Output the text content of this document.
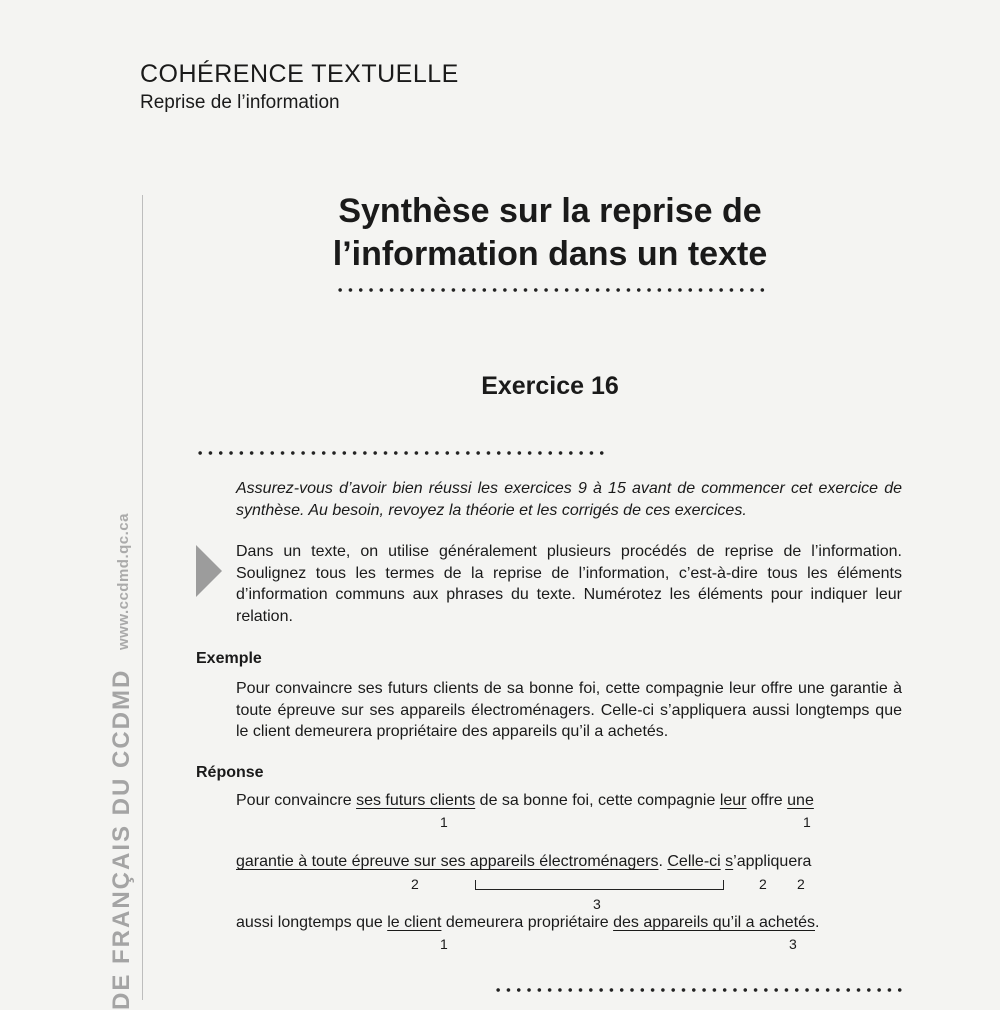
COHÉRENCE TEXTUELLE
Reprise de l’information
www.ccdmd.qc.ca
DE FRANÇAIS DU CCDMD
Synthèse sur la reprise de
l’information dans un texte
Exercice 16
Assurez-vous d’avoir bien réussi les exercices 9 à 15 avant de commencer cet exercice de synthèse. Au besoin, revoyez la théorie et les corrigés de ces exercices.
Dans un texte, on utilise généralement plusieurs procédés de reprise de l’information. Soulignez tous les termes de la reprise de l’information, c’est-à-dire tous les éléments d’information communs aux phrases du texte. Numérotez les éléments pour indiquer leur relation.
Exemple
Pour convaincre ses futurs clients de sa bonne foi, cette compagnie leur offre une garantie à toute épreuve sur ses appareils électroménagers. Celle-ci s’appliquera aussi longtemps que le client demeurera propriétaire des appareils qu’il a achetés.
Réponse
Pour convaincre ses futurs clients de sa bonne foi, cette compagnie leur offre une
1	1
garantie à toute épreuve sur ses appareils électroménagers. Celle-ci s’appliquera
2	2 2
3
aussi longtemps que le client demeurera propriétaire des appareils qu’il a achetés.
1	3
